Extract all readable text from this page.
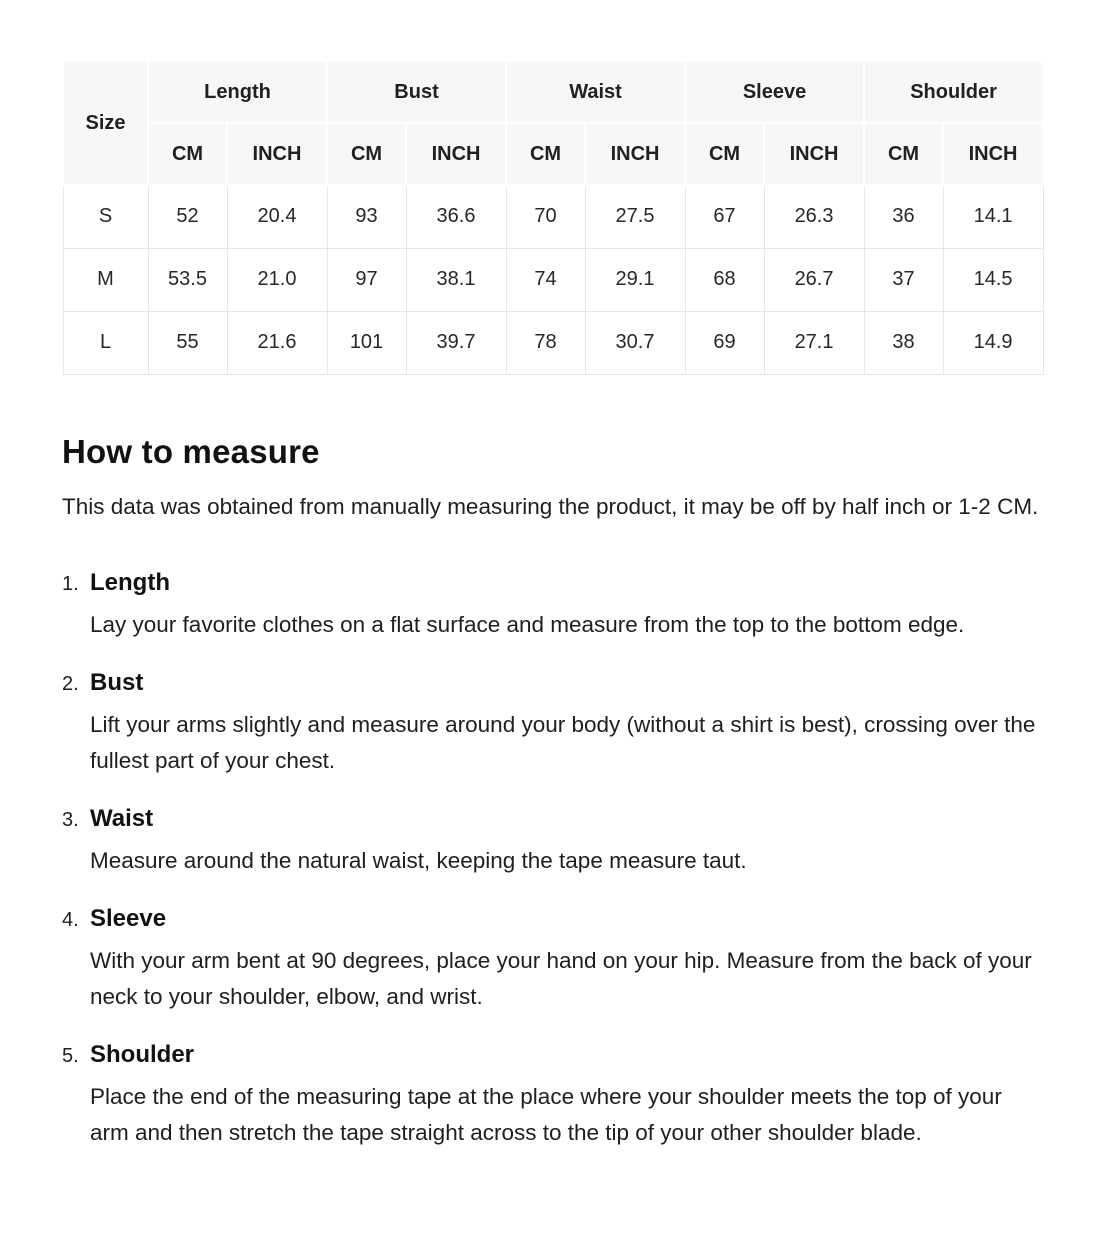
Size	Length		Bust		Waist		Sleeve		Shoulder	
	CM	INCH	CM	INCH	CM	INCH	CM	INCH	CM	INCH
S	52	20.4	93	36.6	70	27.5	67	26.3	36	14.1
M	53.5	21.0	97	38.1	74	29.1	68	26.7	37	14.5
L	55	21.6	101	39.7	78	30.7	69	27.1	38	14.9
How to measure

This data was obtained from manually measuring the product, it may be off by half inch or 1-2 CM.

1. Length
Lay your favorite clothes on a flat surface and measure from the top to the bottom edge.
2. Bust
Lift your arms slightly and measure around your body (without a shirt is best), crossing over the fullest part of your chest.
3. Waist
Measure around the natural waist, keeping the tape measure taut.
4. Sleeve
With your arm bent at 90 degrees, place your hand on your hip. Measure from the back of your neck to your shoulder, elbow, and wrist.
5. Shoulder
Place the end of the measuring tape at the place where your shoulder meets the top of your arm and then stretch the tape straight across to the tip of your other shoulder blade.
